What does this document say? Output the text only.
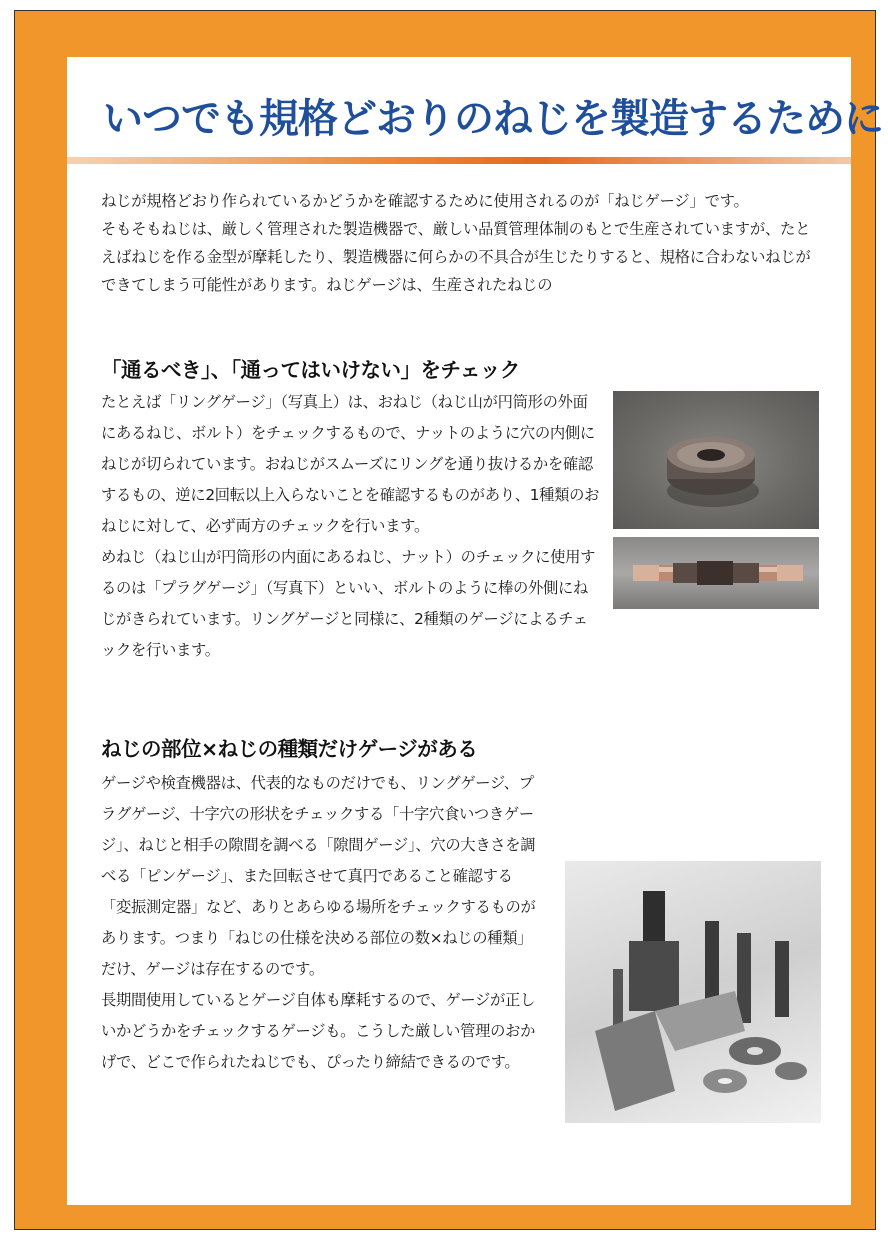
いつでも規格どおりのねじを製造するために

ねじが規格どおり作られているかどうかを確認するために使用されるのが「ねじゲージ」です。

そもそもねじは、厳しく管理された製造機器で、厳しい品質管理体制のもとで生産されていますが、たとえばねじを作る金型が摩耗したり、製造機器に何らかの不具合が生じたりすると、規格に合わないねじができてしまう可能性があります。ねじゲージは、生産されたねじの

「通るべき」、「通ってはいけない」をチェック

たとえば「リングゲージ」（写真上）は、おねじ（ねじ山が円筒形の外面にあるねじ、ボルト）をチェックするもので、ナットのように穴の内側にねじが切られています。おねじがスムーズにリングを通り抜けるかを確認するもの、逆に2回転以上入らないことを確認するものがあり、1種類のおねじに対して、必ず両方のチェックを行います。

めねじ（ねじ山が円筒形の内面にあるねじ、ナット）のチェックに使用するのは「プラグゲージ」（写真下）といい、ボルトのように棒の外側にねじがきられています。リングゲージと同様に、2種類のゲージによるチェックを行います。

ねじの部位×ねじの種類だけゲージがある

ゲージや検査機器は、代表的なものだけでも、リングゲージ、プラグゲージ、十字穴の形状をチェックする「十字穴食いつきゲージ」、ねじと相手の隙間を調べる「隙間ゲージ」、穴の大きさを調べる「ピンゲージ」、また回転させて真円であること確認する「変振測定器」など、ありとあらゆる場所をチェックするものがあります。つまり「ねじの仕様を決める部位の数×ねじの種類」だけ、ゲージは存在するのです。

長期間使用しているとゲージ自体も摩耗するので、ゲージが正しいかどうかをチェックするゲージも。こうした厳しい管理のおかげで、どこで作られたねじでも、ぴったり締結できるのです。
